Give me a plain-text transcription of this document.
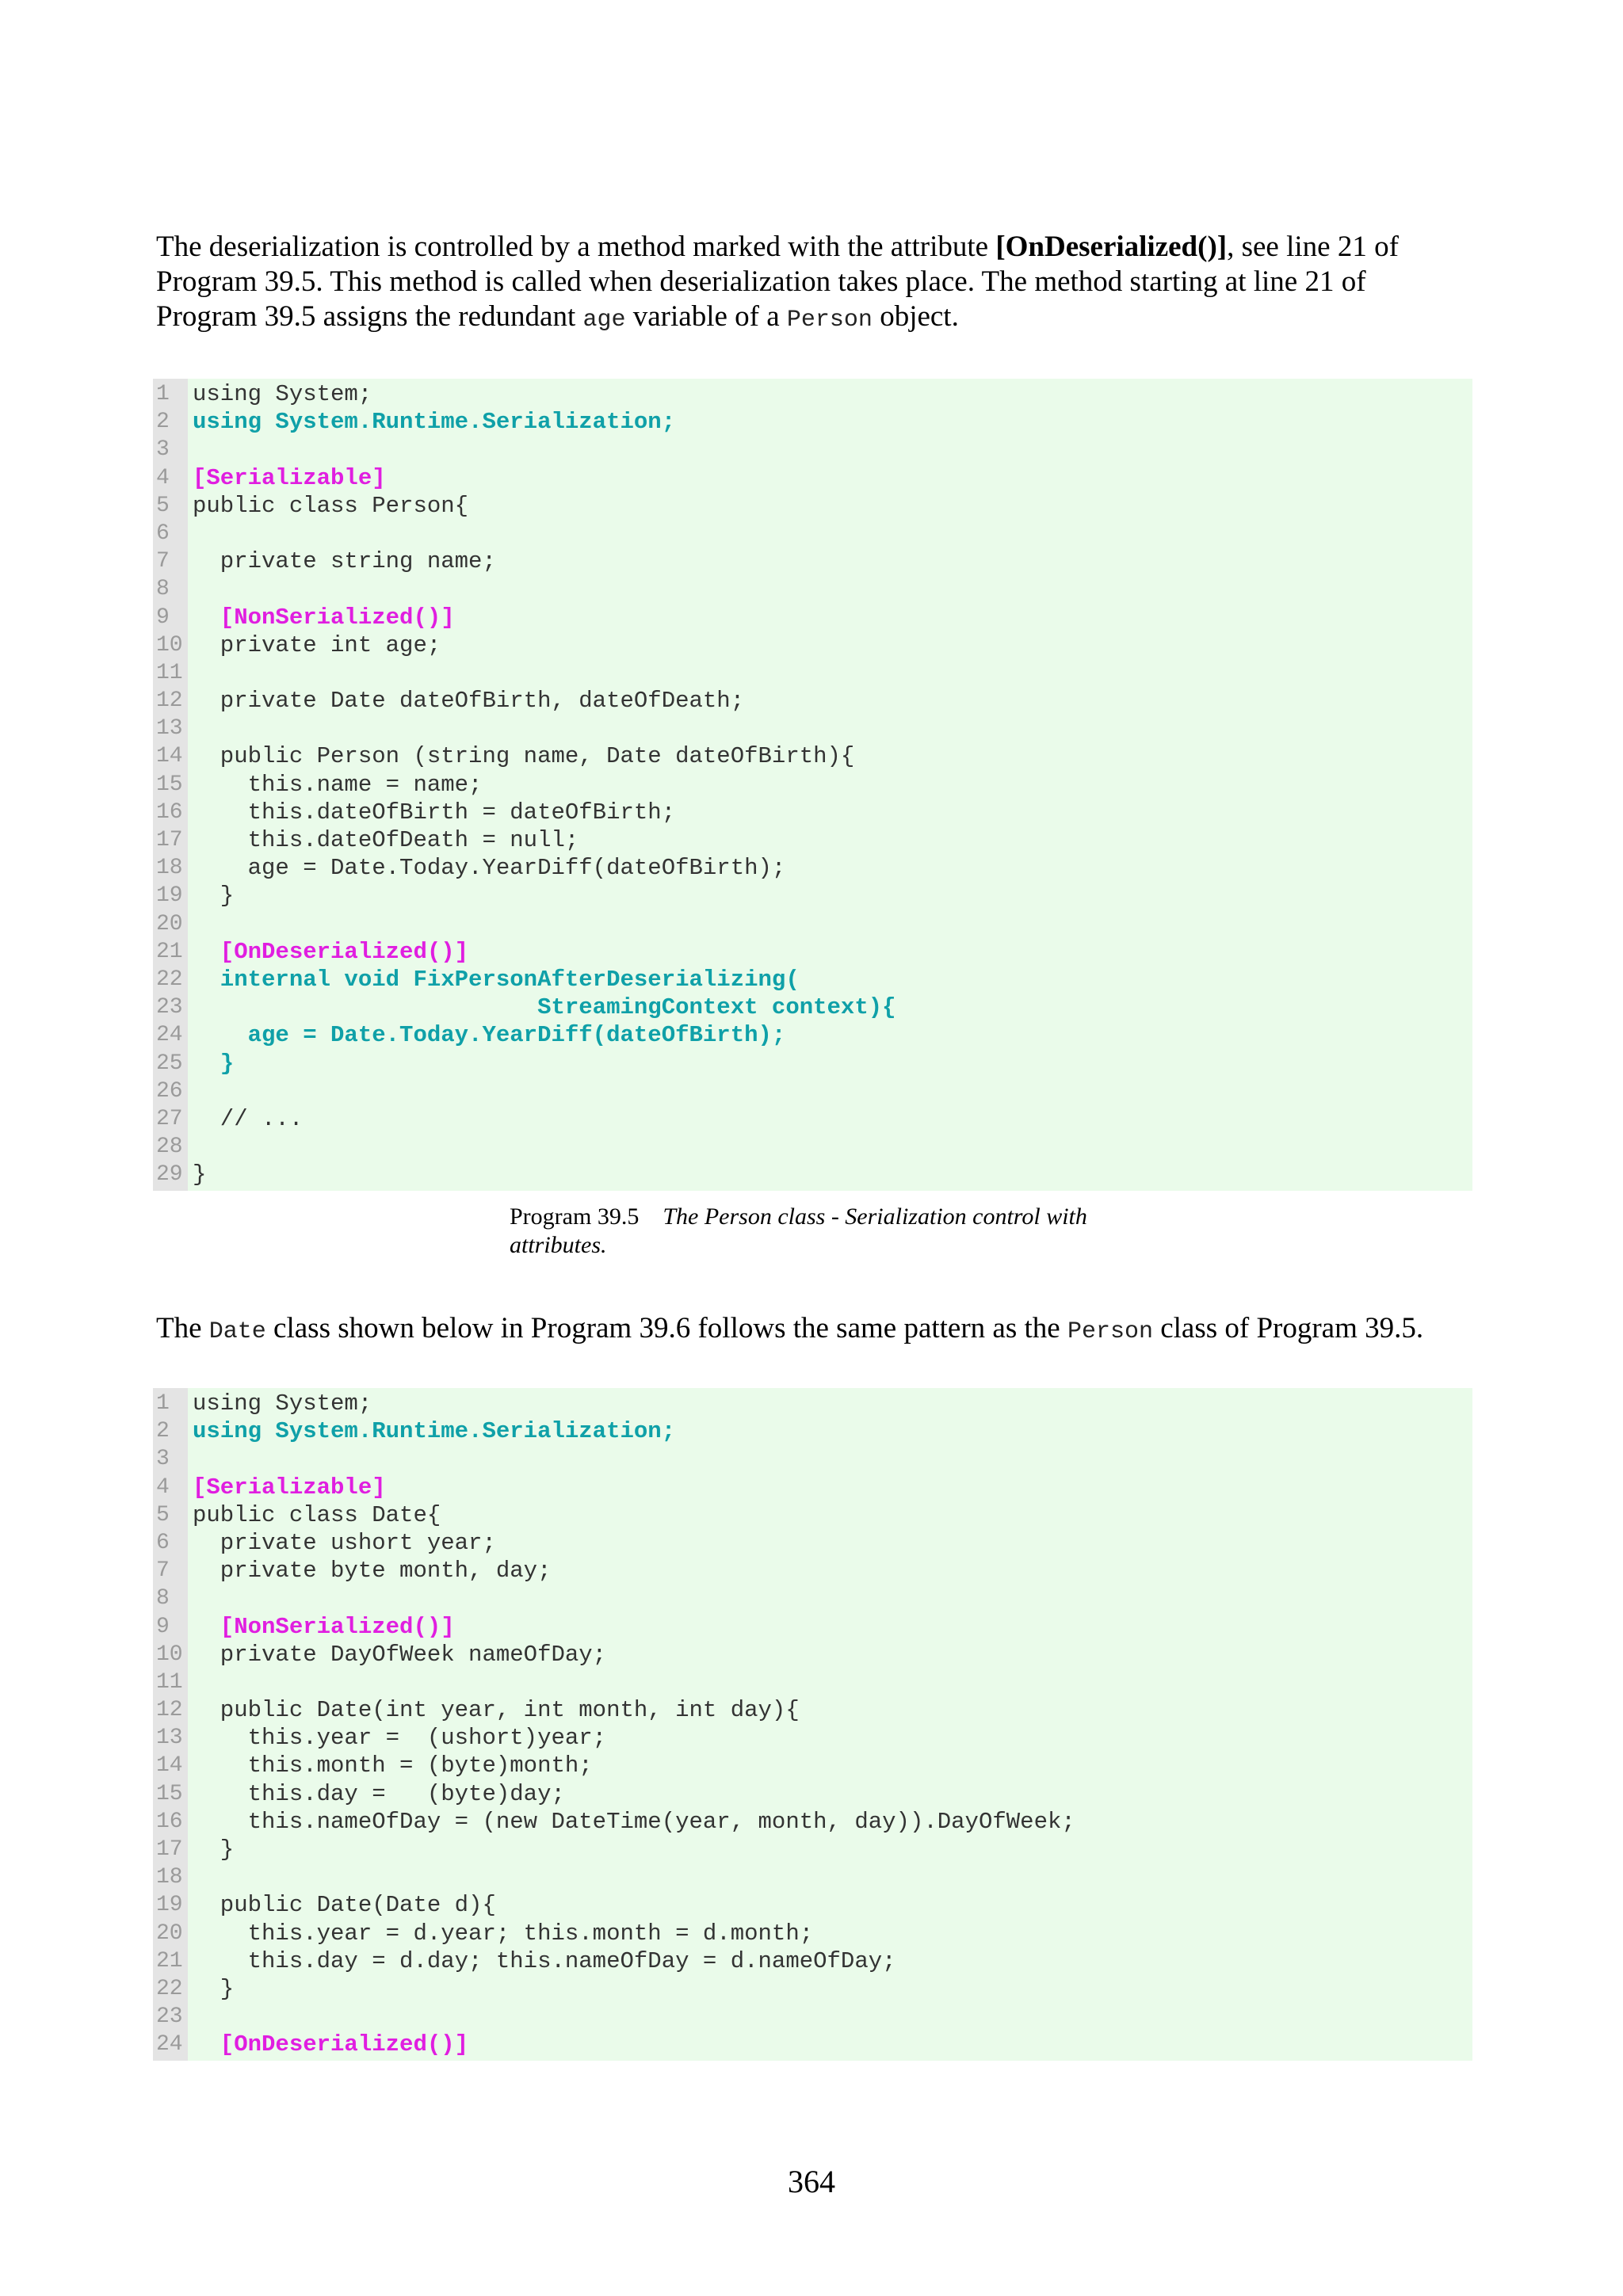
The deserialization is controlled by a method marked with the attribute [OnDeserialized()], see line 21 of Program 39.5. This method is called when deserialization takes place. The method starting at line 21 of Program 39.5 assigns the redundant age variable of a Person object.
1	using System;
2	using System.Runtime.Serialization;
3
4	[Serializable]
5	public class Person{
6
7	private string name;
8
9	[NonSerialized()]
10 private int age;
11
12 private Date dateOfBirth, dateOfDeath;
13
14 public Person (string name, Date dateOfBirth){
15 this.name = name;
16 this.dateOfBirth = dateOfBirth;
17 this.dateOfDeath = null;
18 age = Date.Today.YearDiff(dateOfBirth);
19 }
20
21 [OnDeserialized()]
22 internal void FixPersonAfterDeserializing(
23 StreamingContext context){
24 age = Date.Today.YearDiff(dateOfBirth);
25 }
26
27 // ...
28
29 }
Program 39.5 The Person class - Serialization control with attributes.
The Date class shown below in Program 39.6 follows the same pattern as the Person class of Program 39.5.
1	using System;
2	using System.Runtime.Serialization;
3
4	[Serializable]
5	public class Date{
6	private ushort year;
7	private byte month, day;
8
9	[NonSerialized()]
10 private DayOfWeek nameOfDay;
11
12 public Date(int year, int month, int day){
13 this.year =  (ushort)year;
14 this.month = (byte)month;
15 this.day =   (byte)day;
16 this.nameOfDay = (new DateTime(year, month, day)).DayOfWeek;
17 }
18
19 public Date(Date d){
20 this.year = d.year; this.month = d.month;
21 this.day = d.day; this.nameOfDay = d.nameOfDay;
22 }
23
24 [OnDeserialized()]
364
